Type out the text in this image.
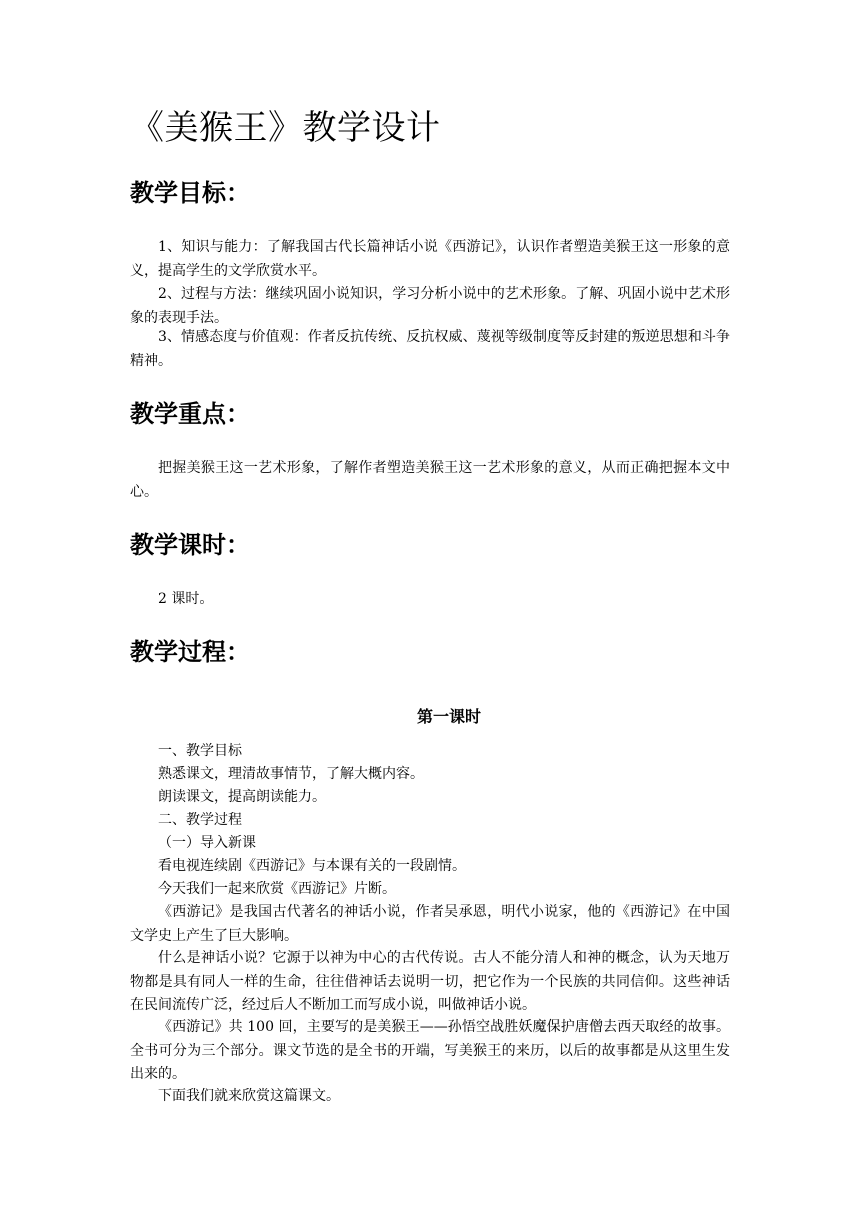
《美猴王》教学设计
教学目标：

1、知识与能力：了解我国古代长篇神话小说《西游记》，认识作者塑造美猴王这一形象的意义，提高学生的文学欣赏水平。

2、过程与方法：继续巩固小说知识，学习分析小说中的艺术形象。了解、巩固小说中艺术形象的表现手法。

3、情感态度与价值观：作者反抗传统、反抗权威、蔑视等级制度等反封建的叛逆思想和斗争精神。

教学重点：

把握美猴王这一艺术形象，了解作者塑造美猴王这一艺术形象的意义，从而正确把握本文中心。

教学课时：

2 课时。

教学过程：
第一课时

一、教学目标

熟悉课文，理清故事情节，了解大概内容。

朗读课文，提高朗读能力。

二、教学过程

（一）导入新课

看电视连续剧《西游记》与本课有关的一段剧情。

今天我们一起来欣赏《西游记》片断。

《西游记》是我国古代著名的神话小说，作者吴承恩，明代小说家，他的《西游记》在中国文学史上产生了巨大影响。

什么是神话小说？它源于以神为中心的古代传说。古人不能分清人和神的概念，认为天地万物都是具有同人一样的生命，往往借神话去说明一切，把它作为一个民族的共同信仰。这些神话在民间流传广泛，经过后人不断加工而写成小说，叫做神话小说。

《西游记》共 100 回，主要写的是美猴王——孙悟空战胜妖魔保护唐僧去西天取经的故事。全书可分为三个部分。课文节选的是全书的开端，写美猴王的来历，以后的故事都是从这里生发出来的。

下面我们就来欣赏这篇课文。
